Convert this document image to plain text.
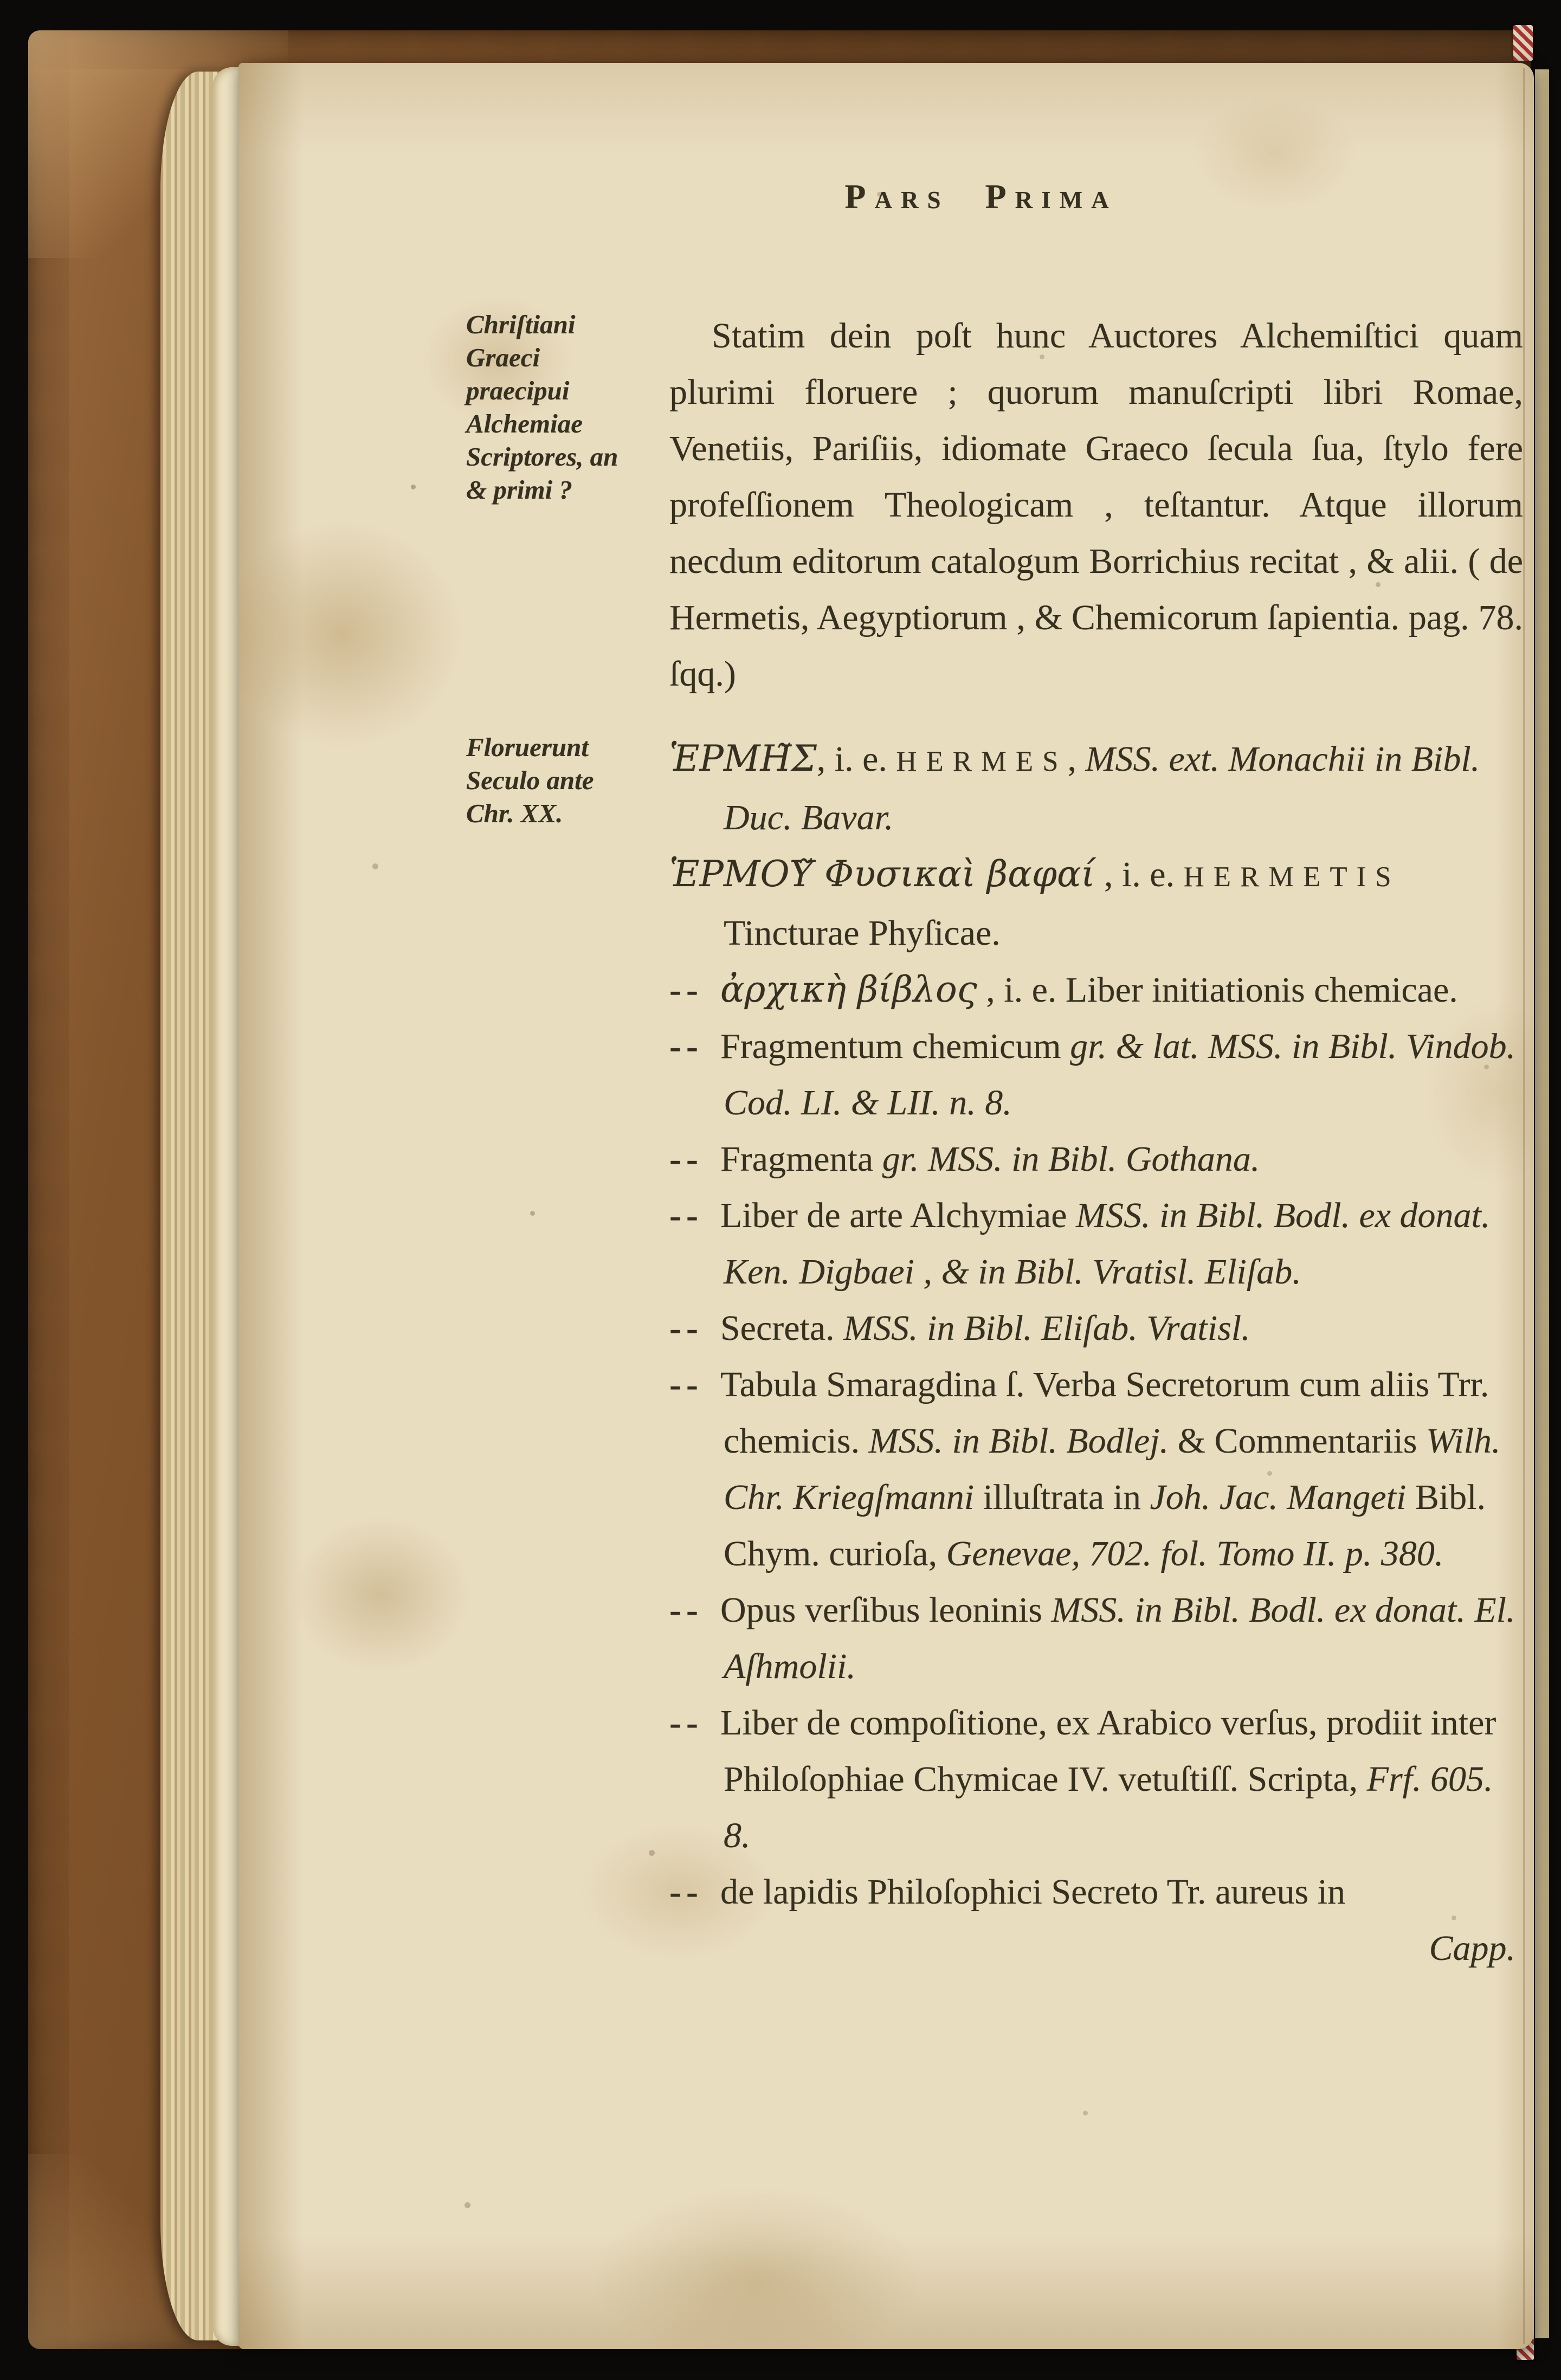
Pars Prima
Chriſtiani Graeci praecipui Alchemiae Scriptores, an & primi ?
Statim dein poſt hunc Auctores Alchemiſtici quam plurimi floruere ; quorum manuſcripti libri Romae, Venetiis, Pariſiis, idiomate Graeco ſecula ſua, ſtylo fere profeſſionem Theologicam , teſtantur. Atque illorum necdum editorum catalogum Borrichius recitat , & alii. ( de Hermetis, Aegyptiorum , & Chemicorum ſapientia. pag. 78. ſqq.)
Floruerunt Seculo ante Chr. XX.
ἙΡΜΗ̃Σ, i. e. HERMES, MSS. ext. Monachii in Bibl. Duc. Bavar.
ἙΡΜΟΥ̃ Φυσικαὶ βαφαί , i. e. HERMETIS Tincturae Phyſicae.
-- ἀρχικὴ βίβλος , i. e. Liber initiationis chemicae.
-- Fragmentum chemicum gr. & lat. MSS. in Bibl. Vindob. Cod. LI. & LII. n. 8.
-- Fragmenta gr. MSS. in Bibl. Gothana.
-- Liber de arte Alchymiae MSS. in Bibl. Bodl. ex donat. Ken. Digbaei , & in Bibl. Vratisl. Eliſab.
-- Secreta. MSS. in Bibl. Eliſab. Vratisl.
-- Tabula Smaragdina ſ. Verba Secretorum cum aliis Trr. chemicis. MSS. in Bibl. Bodlej. & Commentariis Wilh. Chr. Kriegſmanni illuſtrata in Joh. Jac. Mangeti Bibl. Chym. curioſa, Genevae, 702. fol. Tomo II. p. 380.
-- Opus verſibus leoninis MSS. in Bibl. Bodl. ex donat. El. Aſhmolii.
-- Liber de compoſitione, ex Arabico verſus, prodiit inter Philoſophiae Chymicae IV. vetuſtiſſ. Scripta, Frf. 605. 8.
-- de lapidis Philoſophici Secreto Tr. aureus in
Capp.
